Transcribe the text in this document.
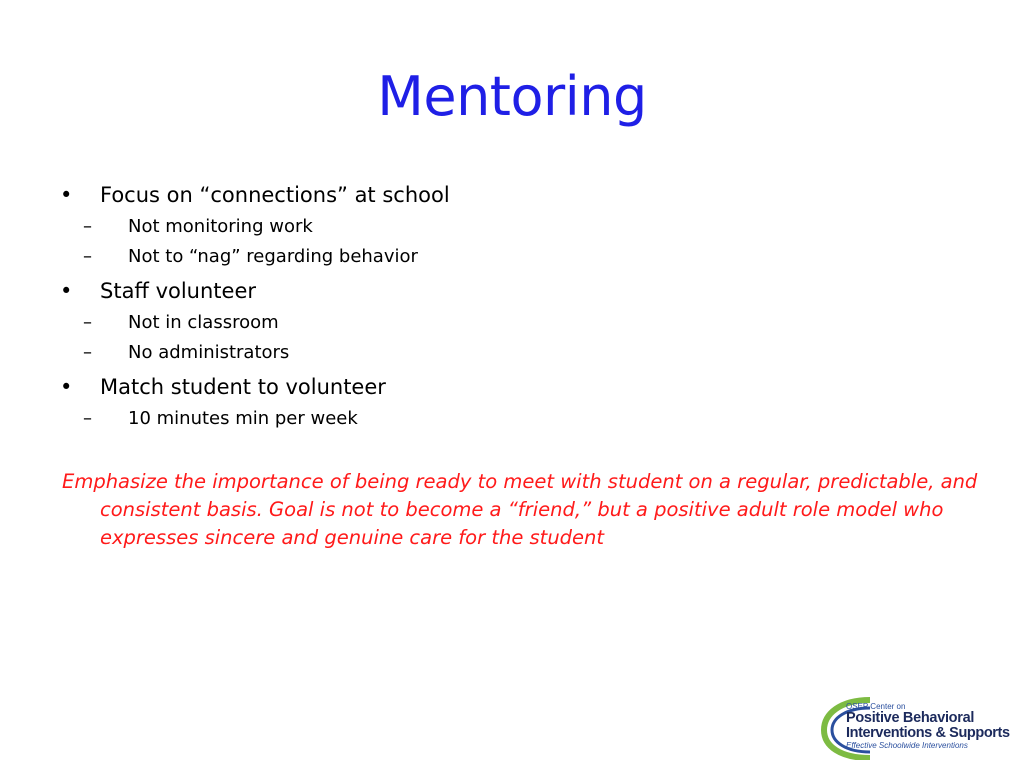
Mentoring
• Focus on “connections” at school
– Not monitoring work
– Not to “nag” regarding behavior
• Staff volunteer
– Not in classroom
– No administrators
• Match student to volunteer
– 10 minutes min per week

Emphasize the importance of being ready to meet with student on a regular, predictable, and consistent basis. Goal is not to become a “friend,” but a positive adult role model who expresses sincere and genuine care for the student

OSEP Center on
Positive Behavioral
Interventions & Supports
Effective Schoolwide Interventions
